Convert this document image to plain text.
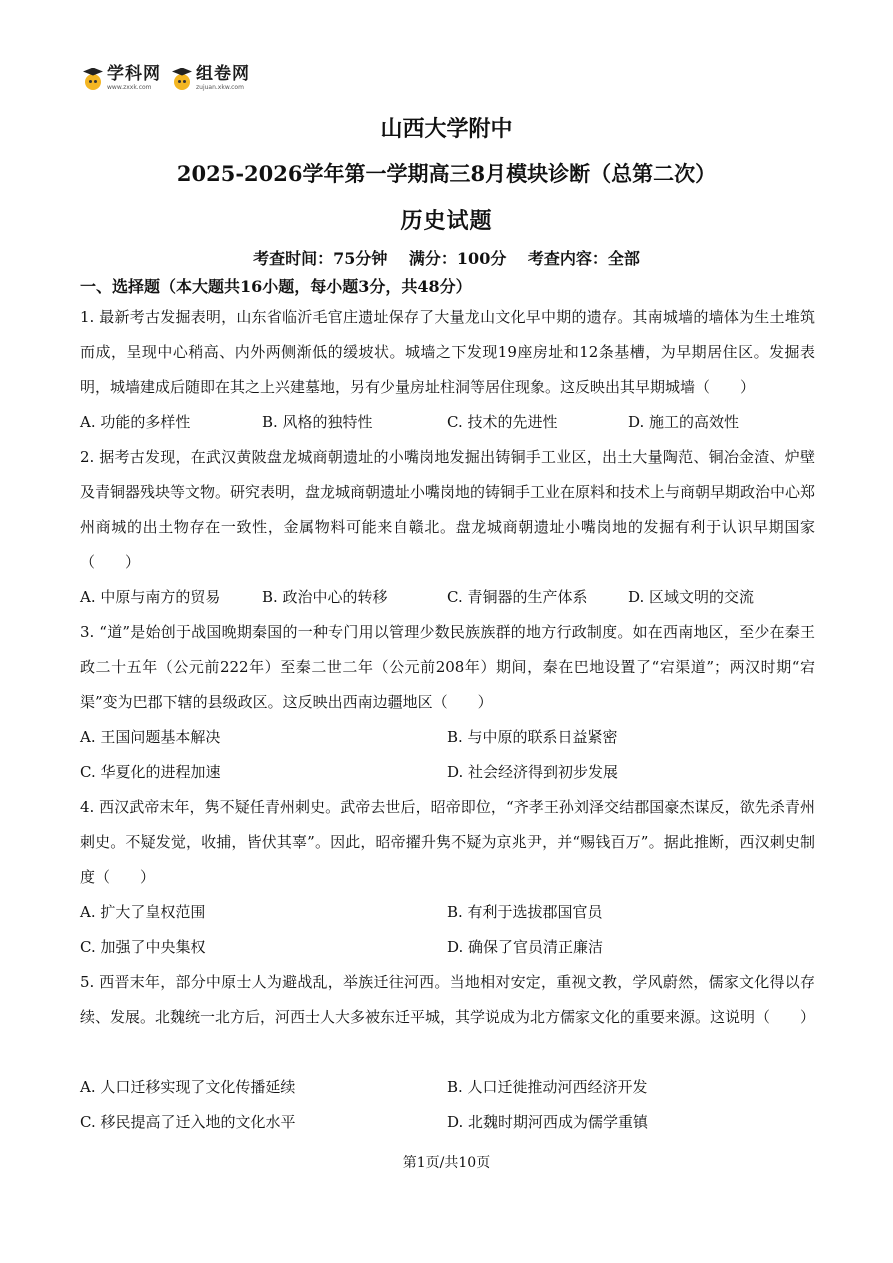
学科网
www.zxxk.com
组卷网
zujuan.xkw.com
山西大学附中
2025-2026学年第一学期高三8月模块诊断（总第二次）
历史试题
考查时间：75分钟 满分：100分 考查内容：全部
一、选择题（本大题共16小题，每小题3分，共48分）
1. 最新考古发掘表明，山东省临沂毛官庄遗址保存了大量龙山文化早中期的遗存。其南城墙的墙体为生土堆筑而成，呈现中心稍高、内外两侧渐低的缓坡状。城墙之下发现19座房址和12条基槽，为早期居住区。发掘表明，城墙建成后随即在其之上兴建墓地，另有少量房址柱洞等居住现象。这反映出其早期城墙（　　）
A. 功能的多样性	B. 风格的独特性	C. 技术的先进性	D. 施工的高效性
2. 据考古发现，在武汉黄陂盘龙城商朝遗址的小嘴岗地发掘出铸铜手工业区，出土大量陶范、铜冶金渣、炉壁及青铜器残块等文物。研究表明，盘龙城商朝遗址小嘴岗地的铸铜手工业在原料和技术上与商朝早期政治中心郑州商城的出土物存在一致性，金属物料可能来自赣北。盘龙城商朝遗址小嘴岗地的发掘有利于认识早期国家（　　）
A. 中原与南方的贸易	B. 政治中心的转移	C. 青铜器的生产体系	D. 区域文明的交流
3. “道”是始创于战国晚期秦国的一种专门用以管理少数民族族群的地方行政制度。如在西南地区，至少在秦王政二十五年（公元前222年）至秦二世二年（公元前208年）期间，秦在巴地设置了“宕渠道”；两汉时期“宕渠”变为巴郡下辖的县级政区。这反映出西南边疆地区（　　）
A. 王国问题基本解决	B. 与中原的联系日益紧密
C. 华夏化的进程加速	D. 社会经济得到初步发展
4. 西汉武帝末年，隽不疑任青州刺史。武帝去世后，昭帝即位，“齐孝王孙刘泽交结郡国豪杰谋反，欲先杀青州刺史。不疑发觉，收捕，皆伏其辜”。因此，昭帝擢升隽不疑为京兆尹，并“赐钱百万”。据此推断，西汉刺史制度（　　）
A. 扩大了皇权范围	B. 有利于选拔郡国官员
C. 加强了中央集权	D. 确保了官员清正廉洁
5. 西晋末年，部分中原士人为避战乱，举族迁往河西。当地相对安定，重视文教，学风蔚然，儒家文化得以存续、发展。北魏统一北方后，河西士人大多被东迁平城，其学说成为北方儒家文化的重要来源。这说明（　　）
A. 人口迁移实现了文化传播延续	B. 人口迁徙推动河西经济开发
C. 移民提高了迁入地的文化水平	D. 北魏时期河西成为儒学重镇
第1页/共10页
